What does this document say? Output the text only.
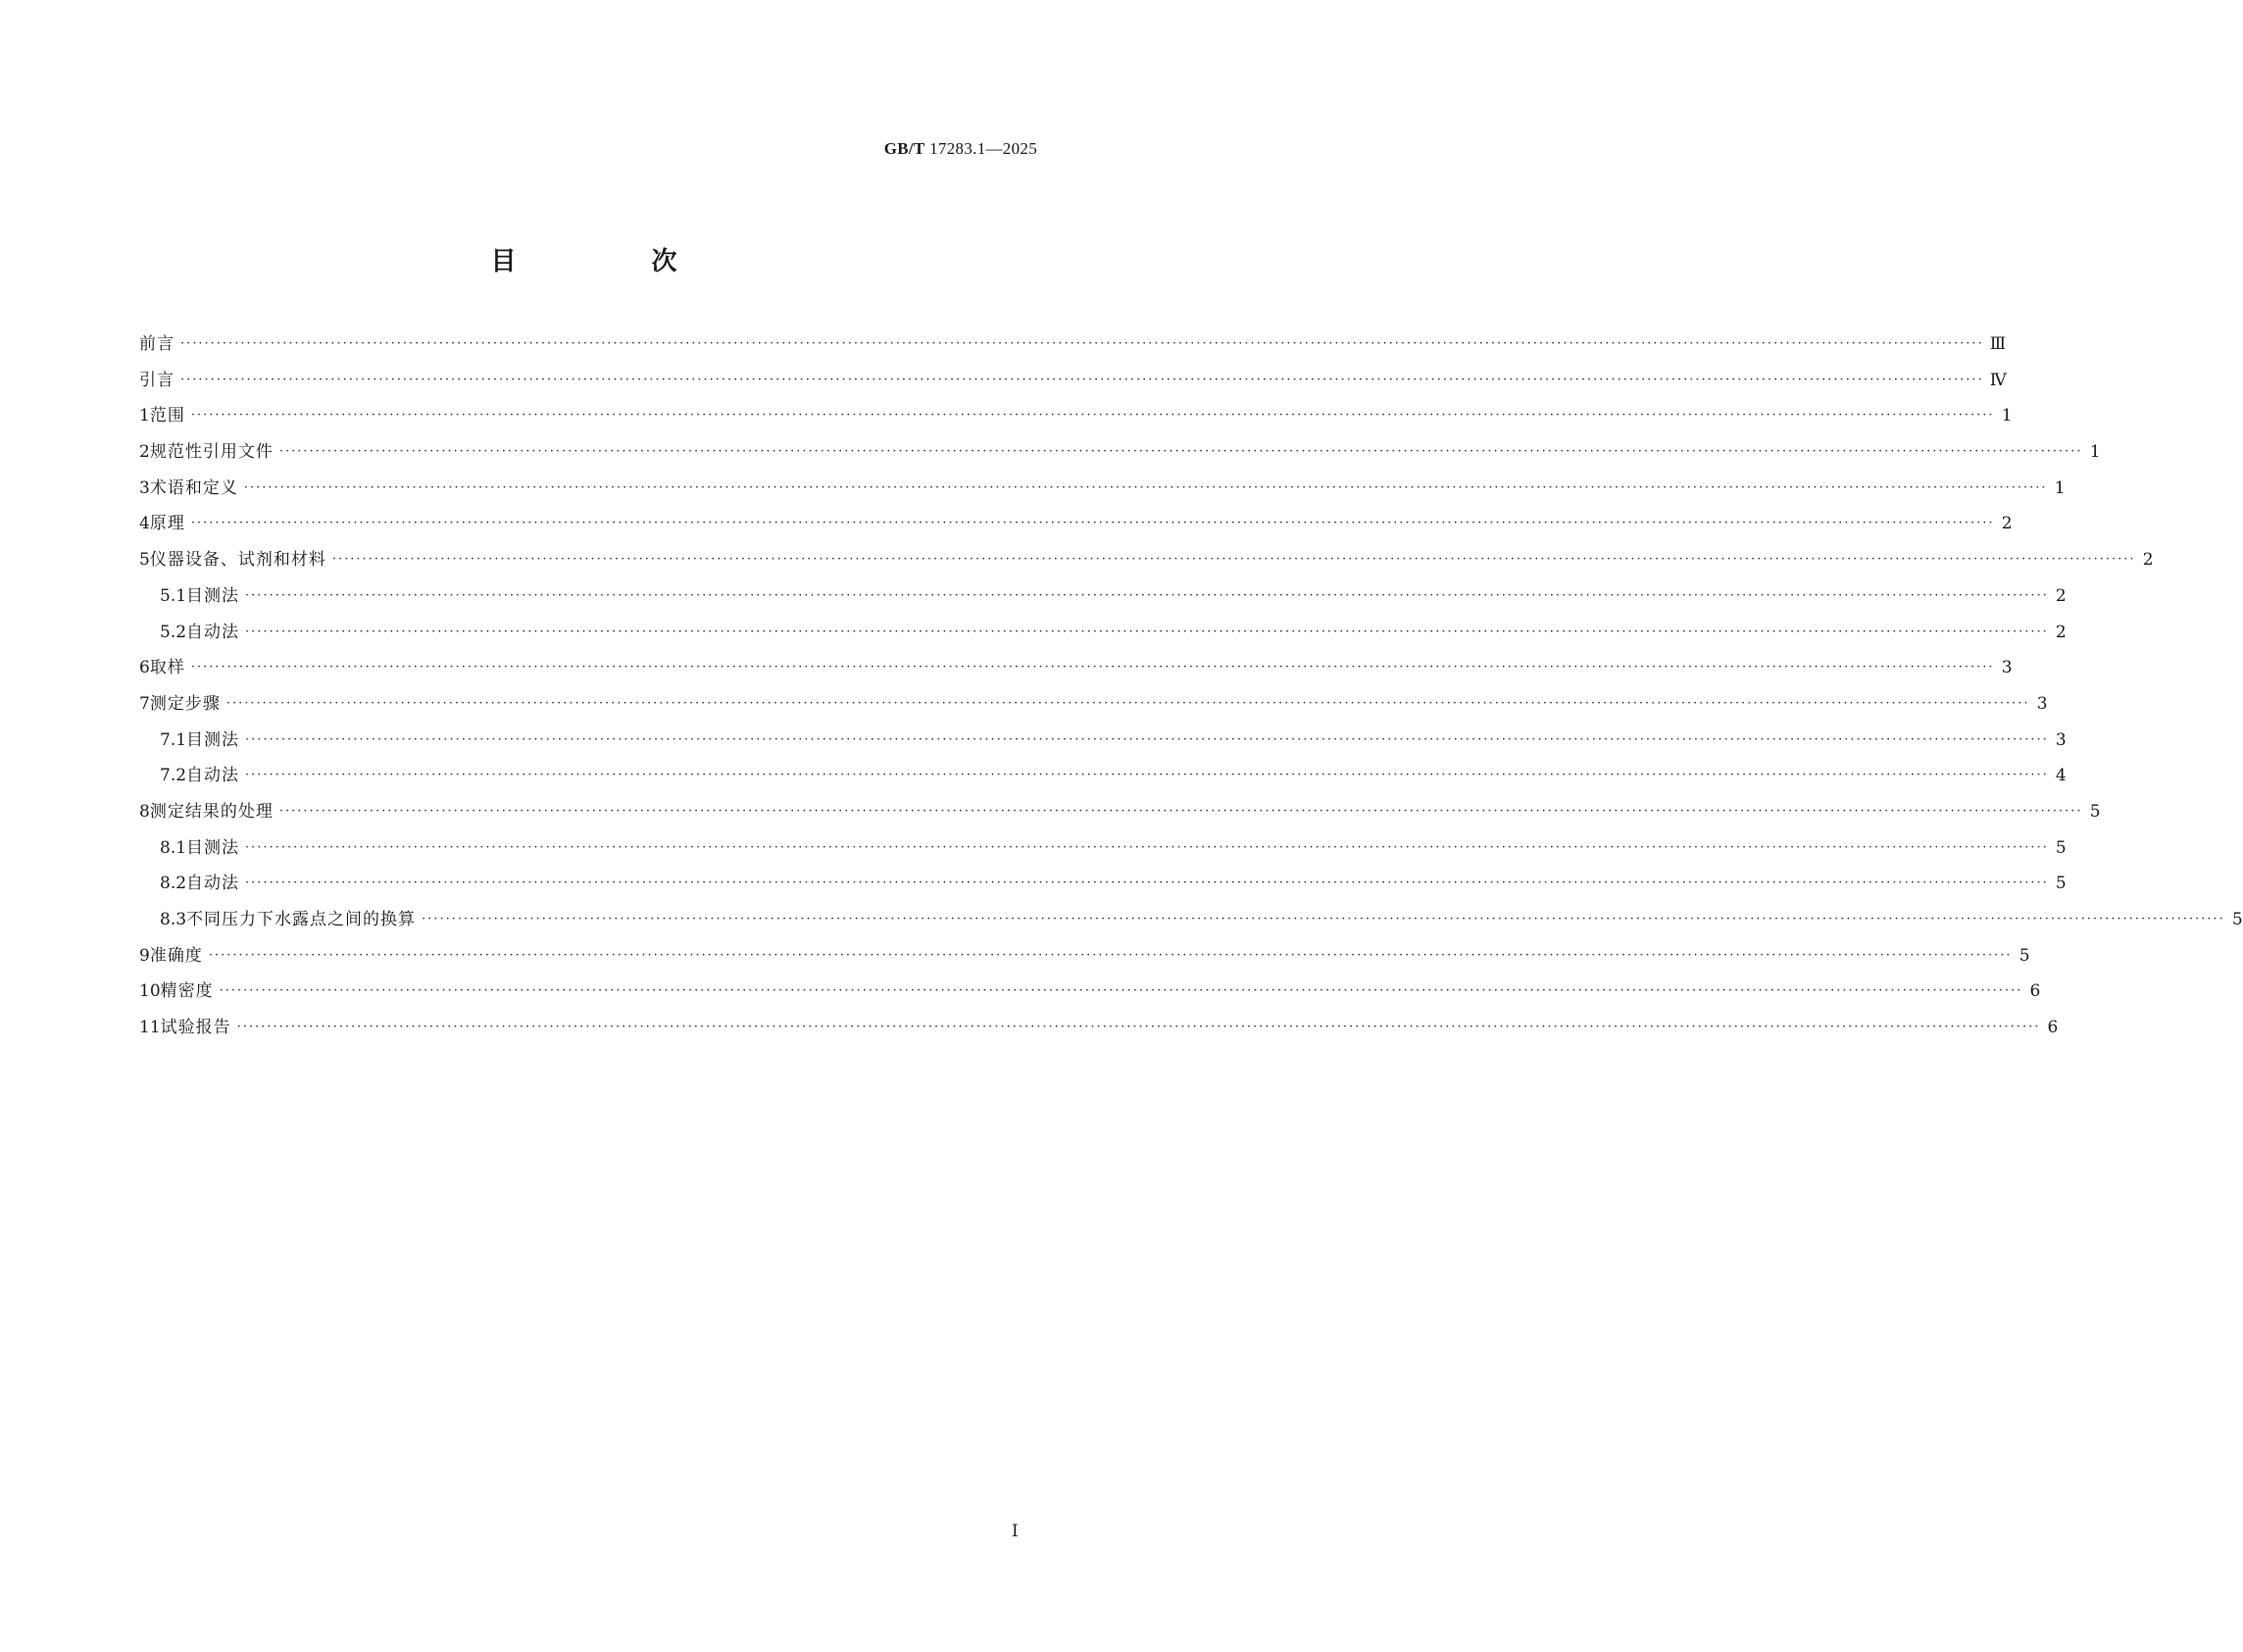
GB/T 17283.1—2025
目　次
前言 ············································································································································································································································································································ Ⅲ
引言 ············································································································································································································································································································ Ⅳ
1 范围 ············································································································································································································································································································ 1
2 规范性引用文件 ············································································································································································································································································································ 1
3 术语和定义 ············································································································································································································································································································ 1
4 原理 ············································································································································································································································································································ 2
5 仪器设备、试剂和材料 ············································································································································································································································································································ 2
5.1 目测法 ············································································································································································································································································································ 2
5.2 自动法 ············································································································································································································································································································ 2
6 取样 ············································································································································································································································································································ 3
7 测定步骤 ············································································································································································································································································································ 3
7.1 目测法 ············································································································································································································································································································ 3
7.2 自动法 ············································································································································································································································································································ 4
8 测定结果的处理 ············································································································································································································································································································ 5
8.1 目测法 ············································································································································································································································································································ 5
8.2 自动法 ············································································································································································································································································································ 5
8.3 不同压力下水露点之间的换算 ············································································································································································································································································································ 5
9 准确度 ············································································································································································································································································································ 5
10 精密度 ············································································································································································································································································································ 6
11 试验报告 ············································································································································································································································································································ 6
Ⅰ
